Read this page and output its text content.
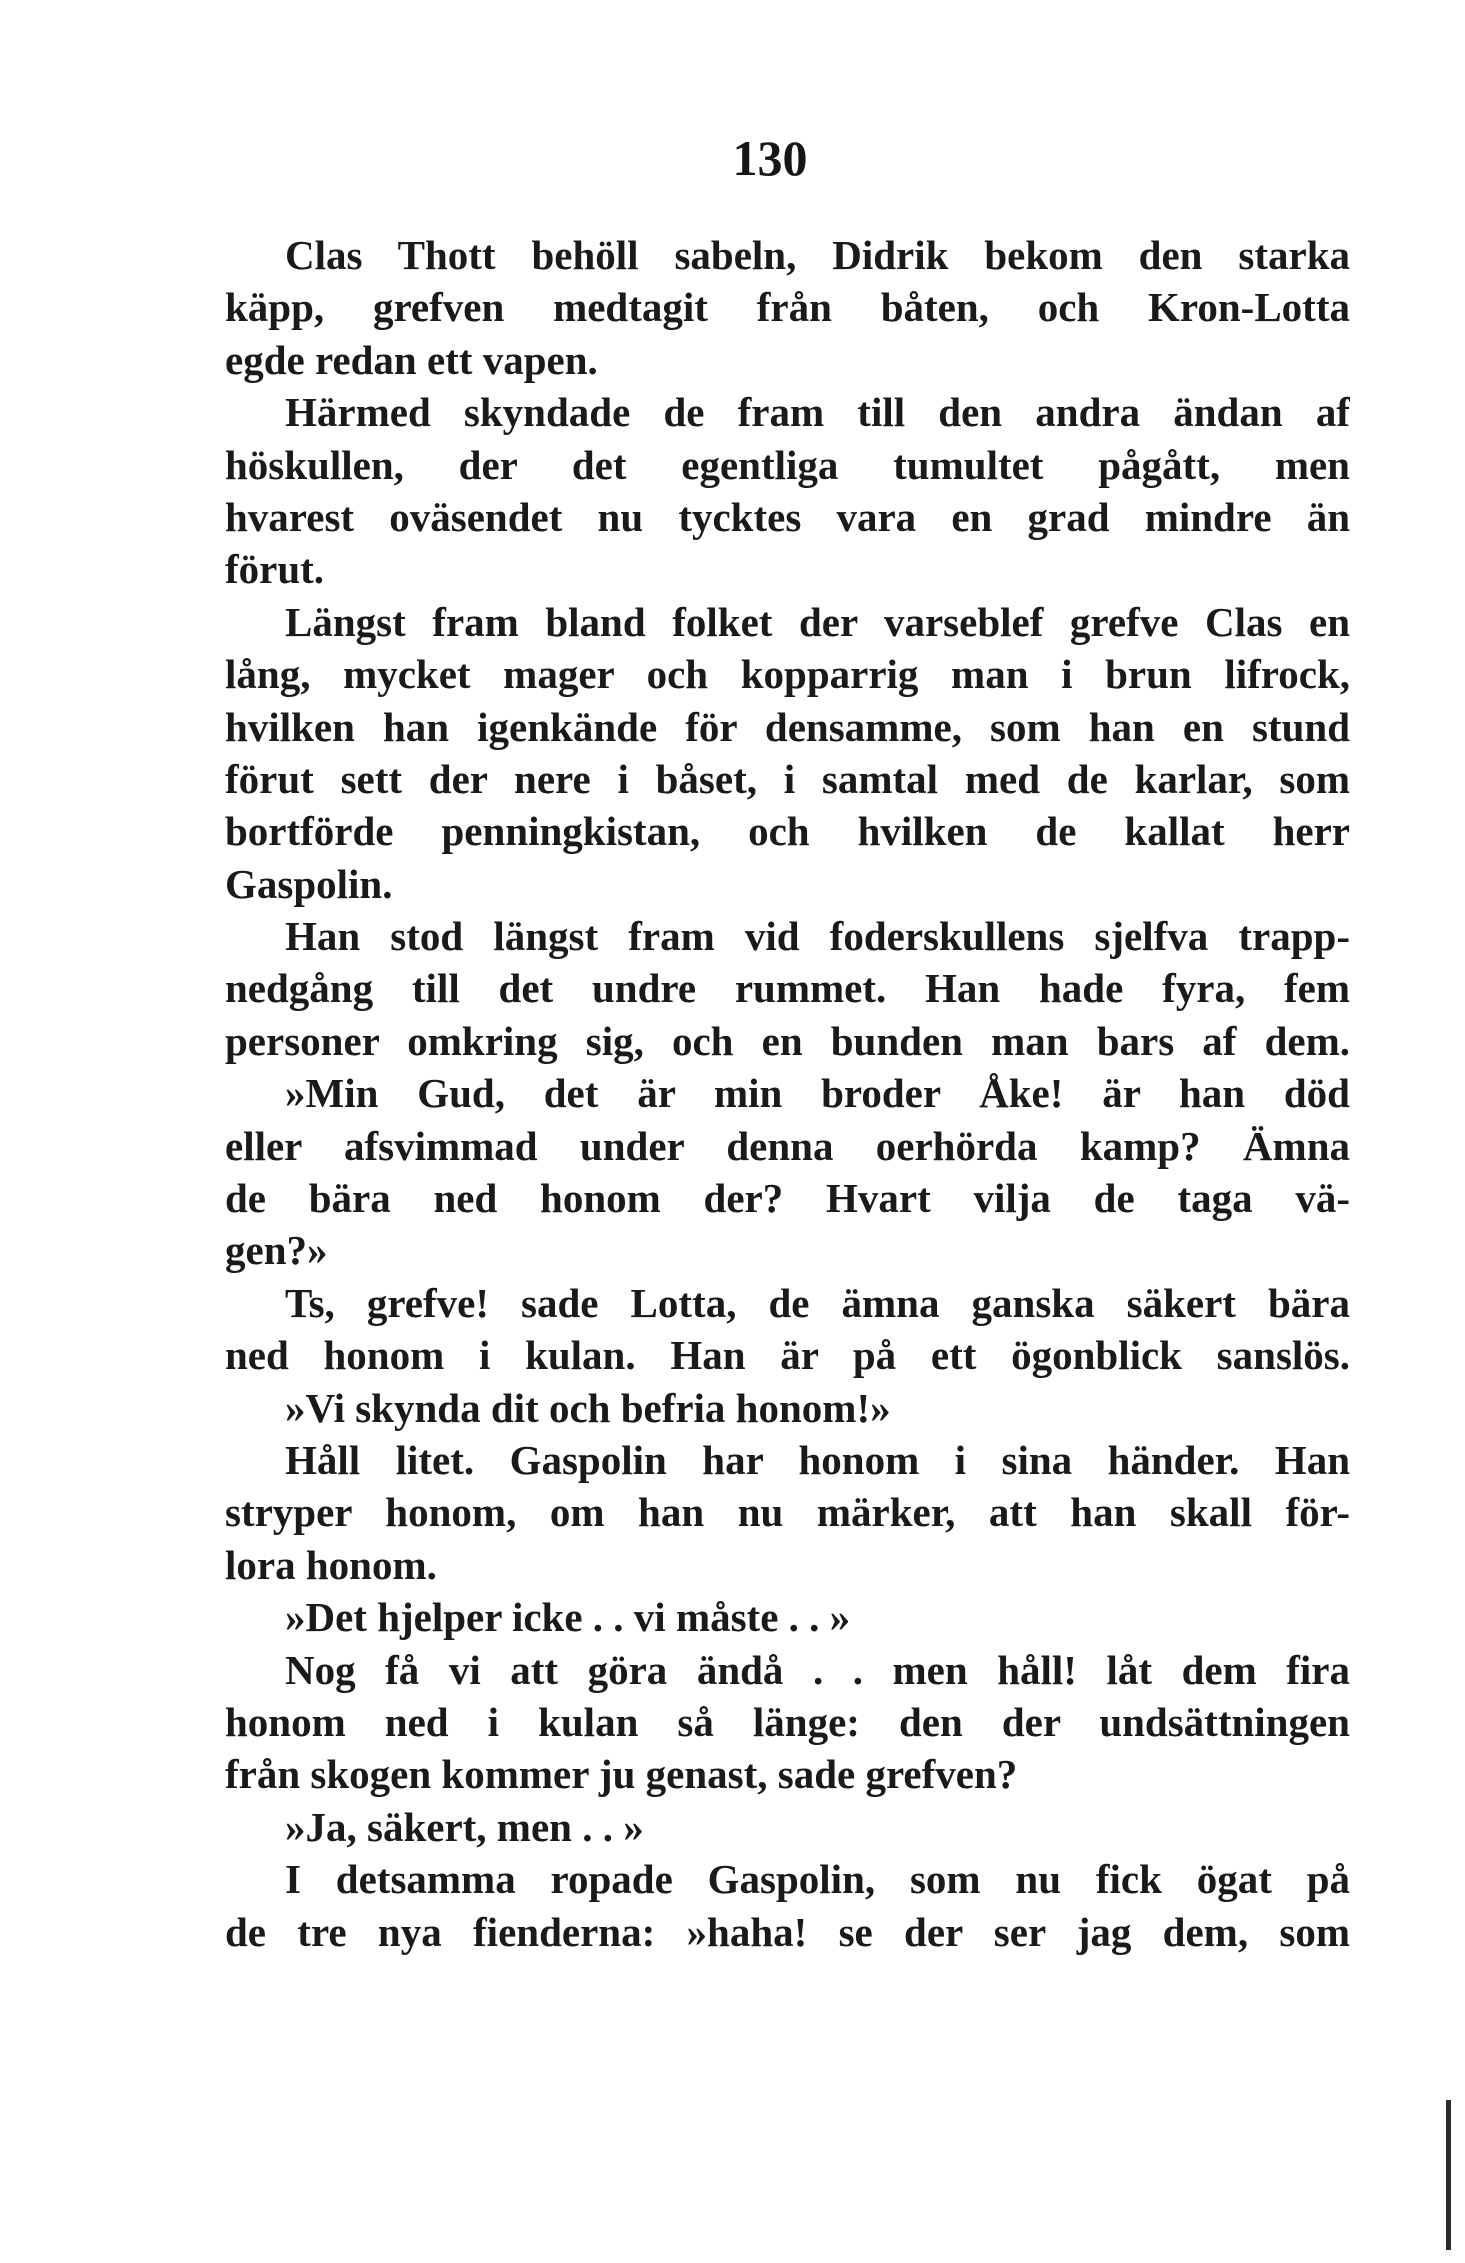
130
Clas Thott behöll sabeln, Didrik bekom den starka
käpp, grefven medtagit från båten, och Kron-Lotta
egde redan ett vapen.
Härmed skyndade de fram till den andra ändan af
höskullen, der det egentliga tumultet pågått, men
hvarest oväsendet nu tycktes vara en grad mindre än
förut.
Längst fram bland folket der varseblef grefve Clas en
lång, mycket mager och kopparrig man i brun lifrock,
hvilken han igenkände för densamme, som han en stund
förut sett der nere i båset, i samtal med de karlar, som
bortförde penningkistan, och hvilken de kallat herr
Gaspolin.
Han stod längst fram vid foderskullens sjelfva trapp-
nedgång till det undre rummet. Han hade fyra, fem
personer omkring sig, och en bunden man bars af dem.
»Min Gud, det är min broder Åke! är han död
eller afsvimmad under denna oerhörda kamp? Ämna
de bära ned honom der? Hvart vilja de taga vä-
gen?»
Ts, grefve! sade Lotta, de ämna ganska säkert bära
ned honom i kulan. Han är på ett ögonblick sanslös.
»Vi skynda dit och befria honom!»
Håll litet. Gaspolin har honom i sina händer. Han
stryper honom, om han nu märker, att han skall för-
lora honom.
»Det hjelper icke . . vi måste . . »
Nog få vi att göra ändå . . men håll! låt dem fira
honom ned i kulan så länge: den der undsättningen
från skogen kommer ju genast, sade grefven?
»Ja, säkert, men . . »
I detsamma ropade Gaspolin, som nu fick ögat på
de tre nya fienderna: »haha! se der ser jag dem, som
